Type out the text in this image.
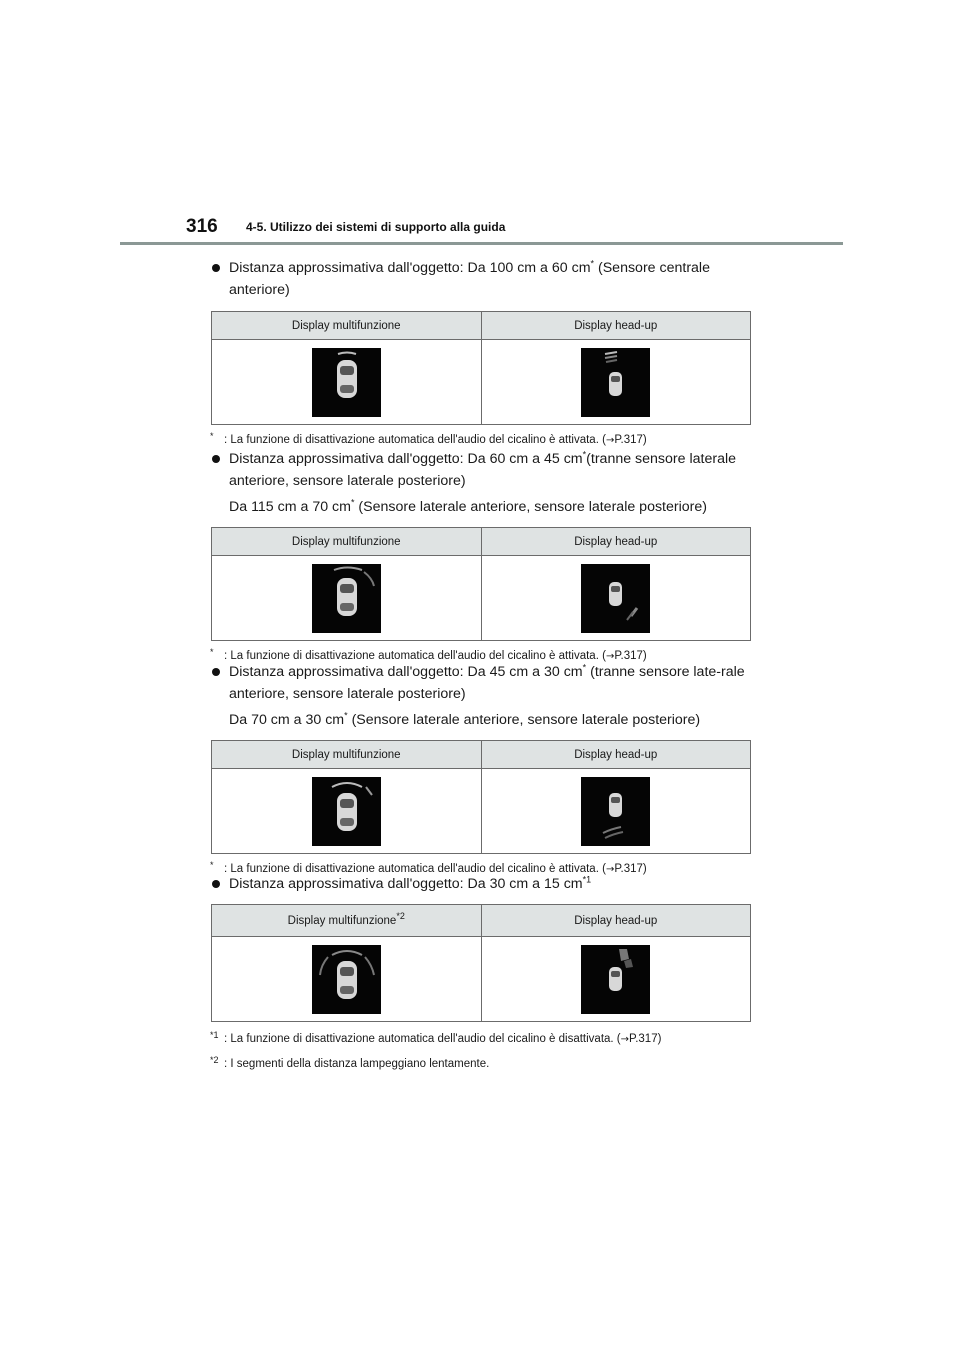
316 4-5. Utilizzo dei sistemi di supporto alla guida
Distanza approssimativa dall'oggetto: Da 100 cm a 60 cm* (Sensore centrale anteriore)
Display multifunzione	Display head-up

* : La funzione di disattivazione automatica dell'audio del cicalino è attivata. (→P.317)
Distanza approssimativa dall'oggetto: Da 60 cm a 45 cm*(tranne sensore laterale anteriore, sensore laterale posteriore)
Da 115 cm a 70 cm* (Sensore laterale anteriore, sensore laterale posteriore)
Display multifunzione	Display head-up

* : La funzione di disattivazione automatica dell'audio del cicalino è attivata. (→P.317)
Distanza approssimativa dall'oggetto: Da 45 cm a 30 cm* (tranne sensore late-rale anteriore, sensore laterale posteriore)
Da 70 cm a 30 cm* (Sensore laterale anteriore, sensore laterale posteriore)
Display multifunzione	Display head-up

* : La funzione di disattivazione automatica dell'audio del cicalino è attivata. (→P.317)
Distanza approssimativa dall'oggetto: Da 30 cm a 15 $cm^{*1}$
Display multifunzione$^{*2}$	Display head-up

*1 : La funzione di disattivazione automatica dell'audio del cicalino è disattivata. (→P.317)
*2 : I segmenti della distanza lampeggiano lentamente.
